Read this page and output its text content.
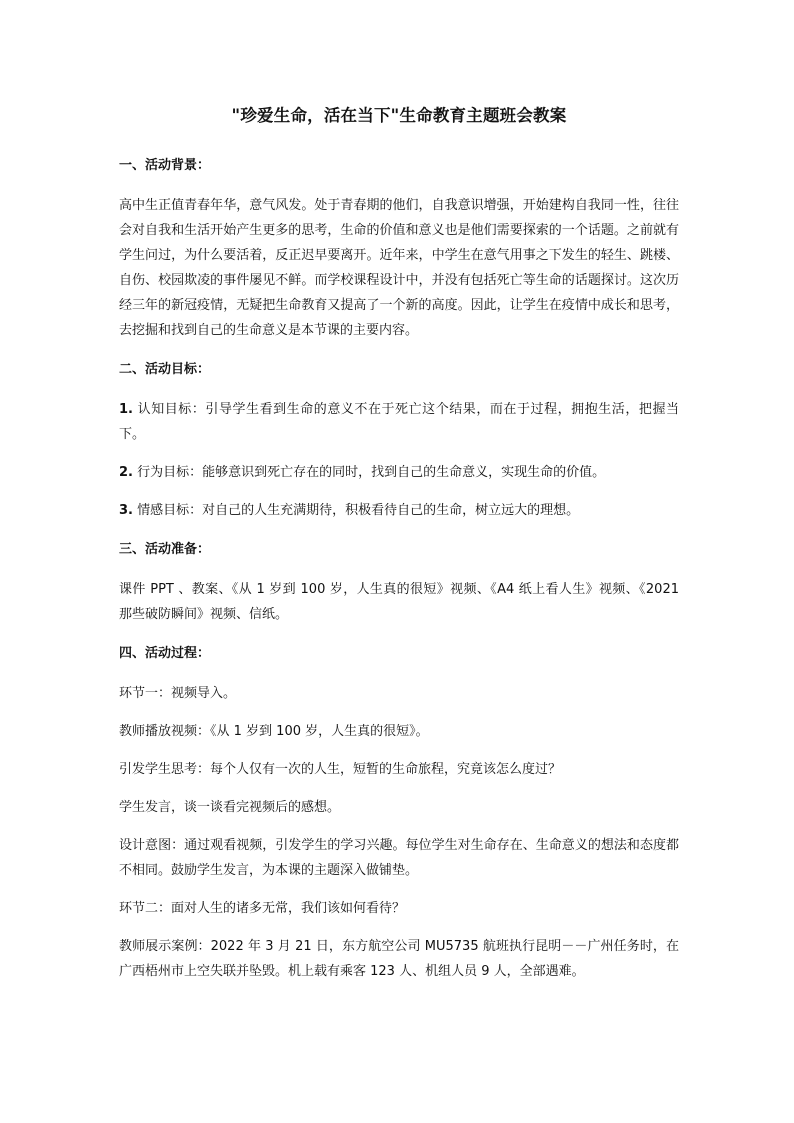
"珍爱生命，活在当下"生命教育主题班会教案
一、活动背景：

高中生正值青春年华，意气风发。处于青春期的他们，自我意识增强，开始建构自我同一性，往往会对自我和生活开始产生更多的思考，生命的价值和意义也是他们需要探索的一个话题。之前就有学生问过，为什么要活着，反正迟早要离开。近年来，中学生在意气用事之下发生的轻生、跳楼、自伤、校园欺凌的事件屡见不鲜。而学校课程设计中，并没有包括死亡等生命的话题探讨。这次历经三年的新冠疫情，无疑把生命教育又提高了一个新的高度。因此，让学生在疫情中成长和思考，去挖掘和找到自己的生命意义是本节课的主要内容。

二、活动目标：

1. 认知目标：引导学生看到生命的意义不在于死亡这个结果，而在于过程，拥抱生活，把握当下。

2. 行为目标：能够意识到死亡存在的同时，找到自己的生命意义，实现生命的价值。

3. 情感目标：对自己的人生充满期待，积极看待自己的生命，树立远大的理想。

三、活动准备：

课件 PPT 、教案、《从 1 岁到 100 岁，人生真的很短》视频、《A4 纸上看人生》视频、《2021 那些破防瞬间》视频、信纸。

四、活动过程：

环节一：视频导入。

教师播放视频：《从 1 岁到 100 岁，人生真的很短》。

引发学生思考：每个人仅有一次的人生，短暂的生命旅程，究竟该怎么度过？

学生发言，谈一谈看完视频后的感想。

设计意图：通过观看视频，引发学生的学习兴趣。每位学生对生命存在、生命意义的想法和态度都不相同。鼓励学生发言，为本课的主题深入做铺垫。

环节二：面对人生的诸多无常，我们该如何看待？

教师展示案例：2022 年 3 月 21 日，东方航空公司 MU5735 航班执行昆明－－广州任务时，在广西梧州市上空失联并坠毁。机上载有乘客 123 人、机组人员 9 人，全部遇难。
